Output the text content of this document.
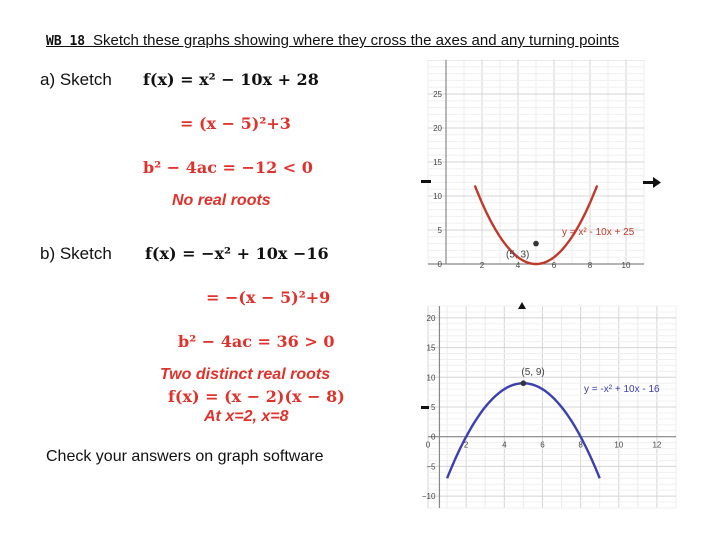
WB 18 Sketch these graphs showing where they cross the axes and any turning points
a) Sketch f(x) = x² − 10x + 28
= (x − 5)²+3
b² − 4ac = −12 < 0
No real roots
b) Sketch f(x) = −x² + 10x −16
= −(x − 5)²+9
b² − 4ac = 36 > 0
Two distinct real roots
f(x) = (x − 2)(x − 8)
At x=2, x=8
Check your answers on graph software
2	4	6	8	10
0
5
10
15
20
25
(5, 3)
y = x² - 10x + 25
0	2	4	6	8	10	12
−10
−5
0
5
10
15
20
(5, 9)
y = -x² + 10x - 16
